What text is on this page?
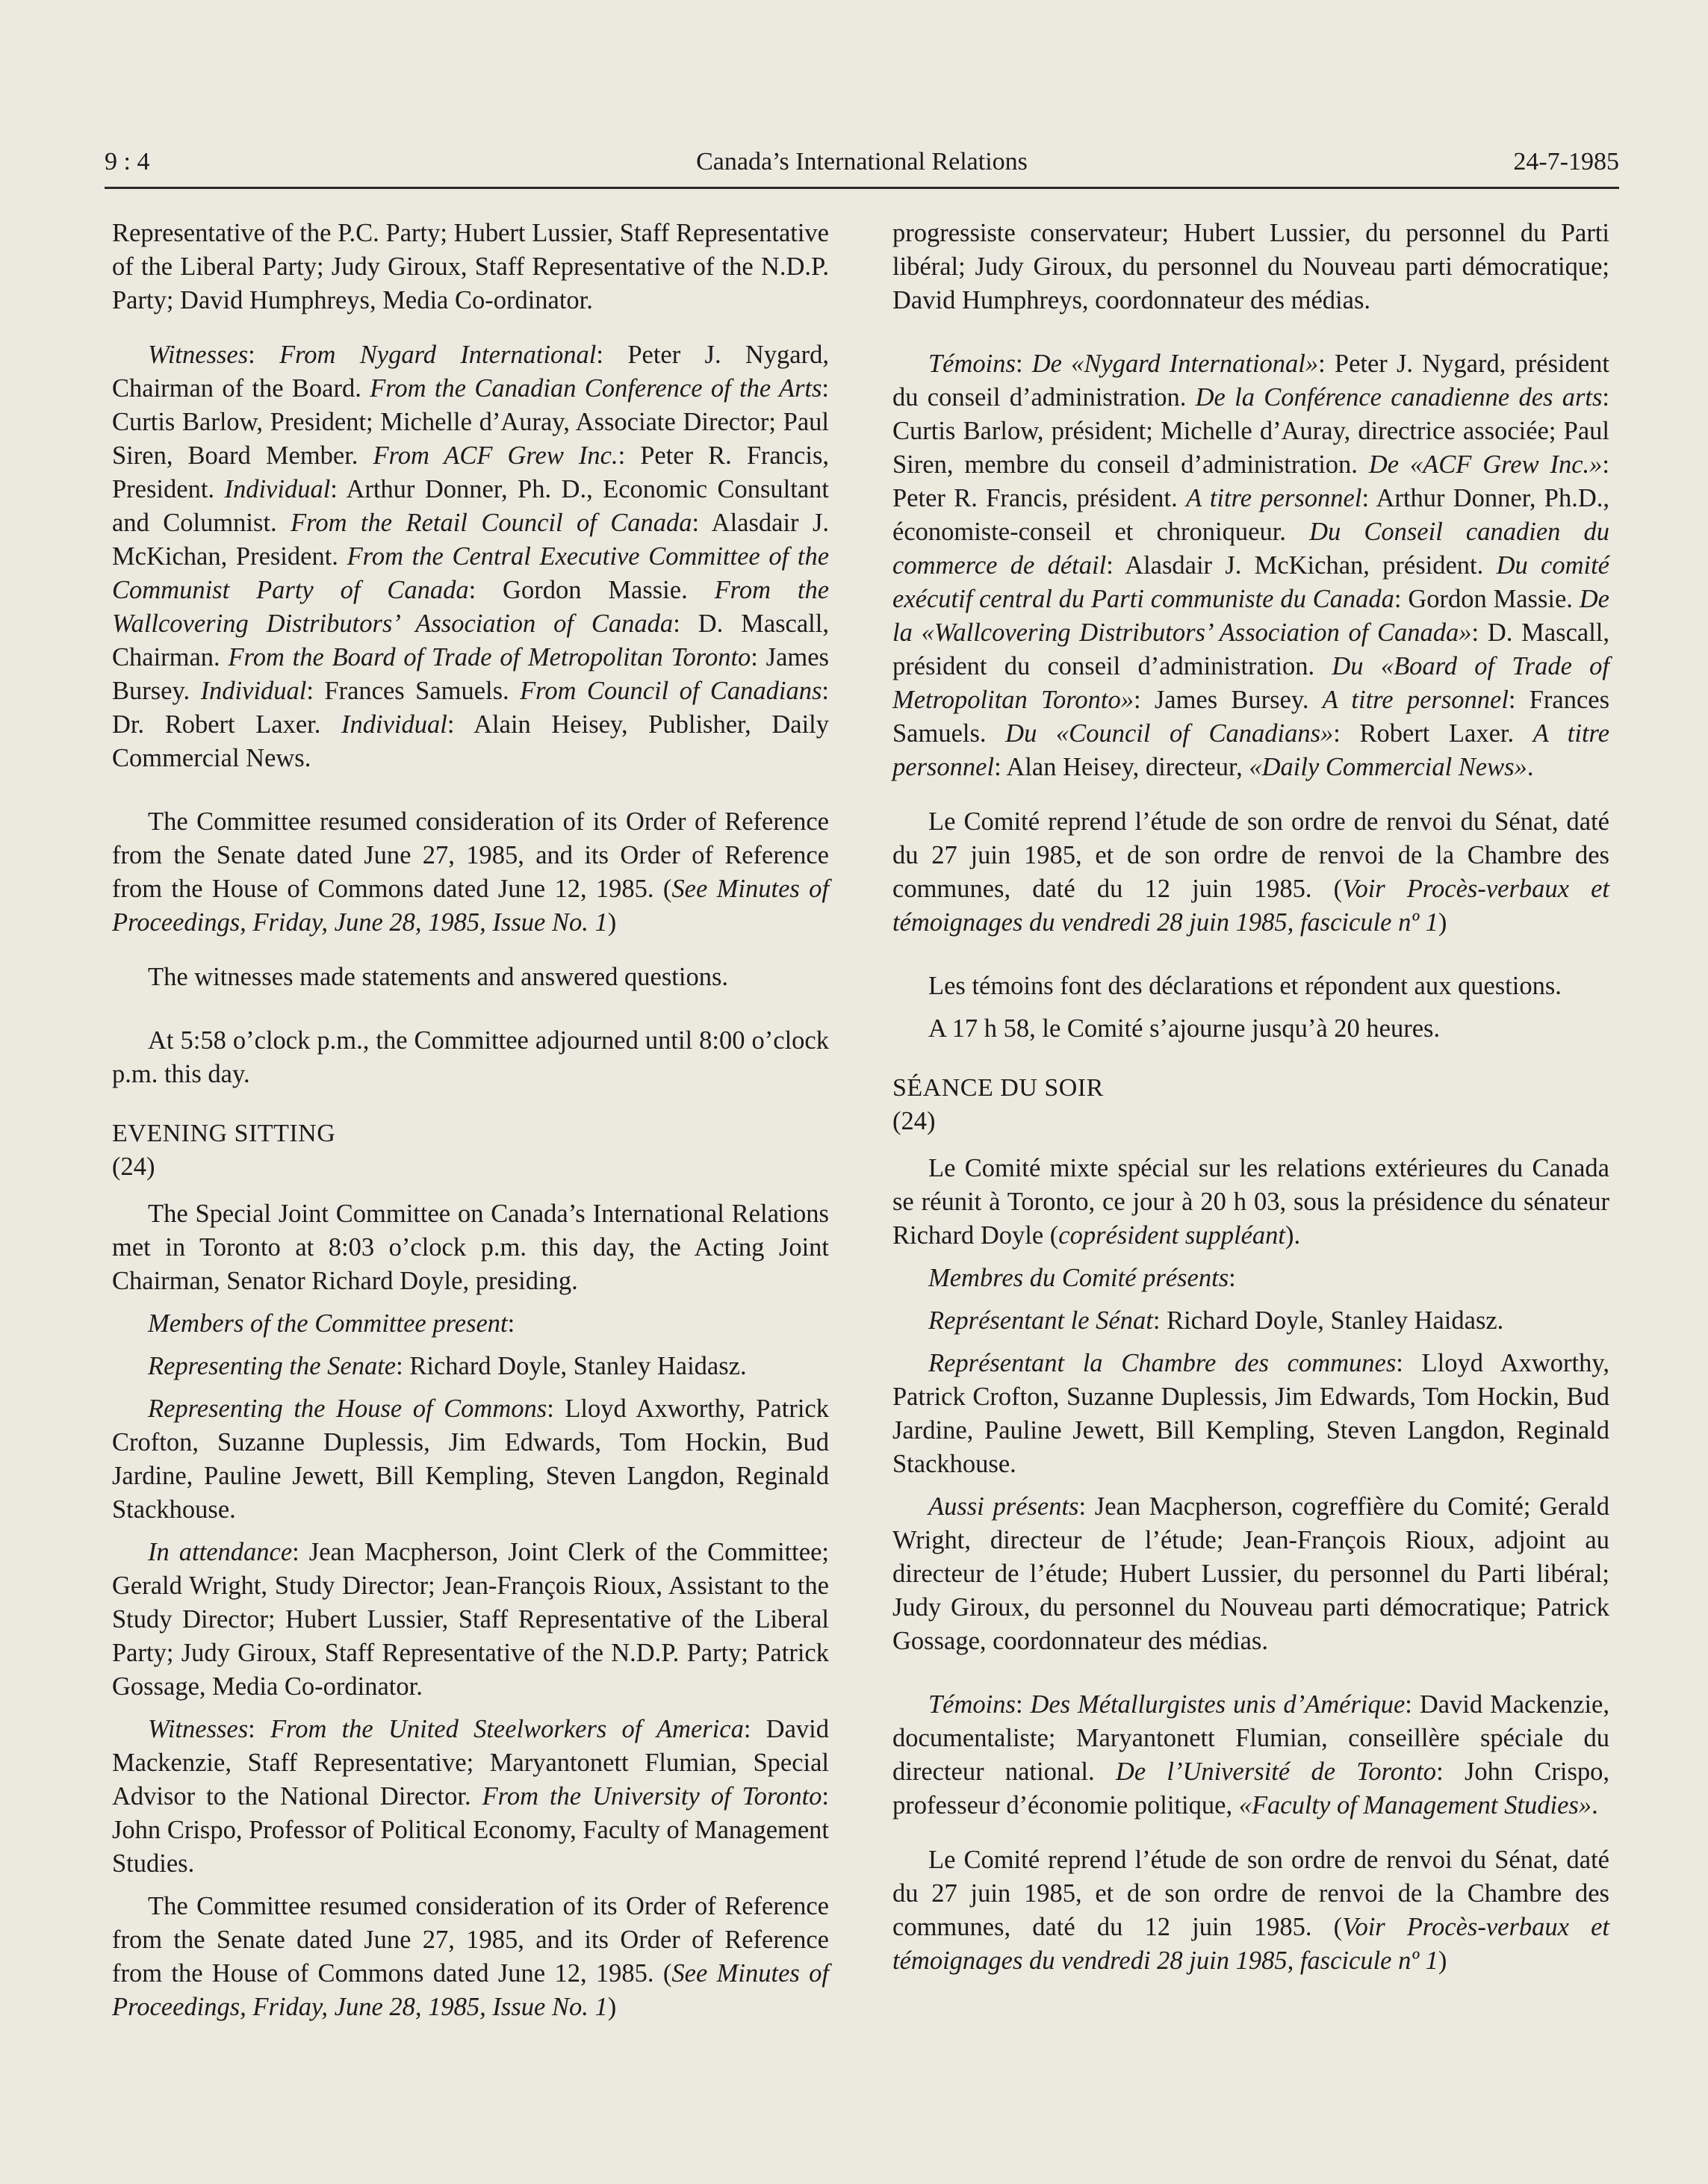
9 : 4	Canada’s International Relations	24-7-1985

Representative of the P.C. Party; Hubert Lussier, Staff Representative of the Liberal Party; Judy Giroux, Staff Representative of the N.D.P. Party; David Humphreys, Media Co-ordinator.

Witnesses: From Nygard International: Peter J. Nygard, Chairman of the Board. From the Canadian Conference of the Arts: Curtis Barlow, President; Michelle d’Auray, Associate Director; Paul Siren, Board Member. From ACF Grew Inc.: Peter R. Francis, President. Individual: Arthur Donner, Ph. D., Economic Consultant and Columnist. From the Retail Council of Canada: Alasdair J. McKichan, President. From the Central Executive Committee of the Communist Party of Canada: Gordon Massie. From the Wallcovering Distributors’ Association of Canada: D. Mascall, Chairman. From the Board of Trade of Metropolitan Toronto: James Bursey. Individual: Frances Samuels. From Council of Canadians: Dr. Robert Laxer. Individual: Alain Heisey, Publisher, Daily Commercial News.

The Committee resumed consideration of its Order of Reference from the Senate dated June 27, 1985, and its Order of Reference from the House of Commons dated June 12, 1985. (See Minutes of Proceedings, Friday, June 28, 1985, Issue No. 1)

The witnesses made statements and answered questions.

At 5:58 o’clock p.m., the Committee adjourned until 8:00 o’clock p.m. this day.

EVENING SITTING
(24)

The Special Joint Committee on Canada’s International Relations met in Toronto at 8:03 o’clock p.m. this day, the Acting Joint Chairman, Senator Richard Doyle, presiding.

Members of the Committee present:

Representing the Senate: Richard Doyle, Stanley Haidasz.

Representing the House of Commons: Lloyd Axworthy, Patrick Crofton, Suzanne Duplessis, Jim Edwards, Tom Hockin, Bud Jardine, Pauline Jewett, Bill Kempling, Steven Langdon, Reginald Stackhouse.

In attendance: Jean Macpherson, Joint Clerk of the Committee; Gerald Wright, Study Director; Jean-François Rioux, Assistant to the Study Director; Hubert Lussier, Staff Representative of the Liberal Party; Judy Giroux, Staff Representative of the N.D.P. Party; Patrick Gossage, Media Co-ordinator.

Witnesses: From the United Steelworkers of America: David Mackenzie, Staff Representative; Maryantonett Flumian, Special Advisor to the National Director. From the University of Toronto: John Crispo, Professor of Political Economy, Faculty of Management Studies.

The Committee resumed consideration of its Order of Reference from the Senate dated June 27, 1985, and its Order of Reference from the House of Commons dated June 12, 1985. (See Minutes of Proceedings, Friday, June 28, 1985, Issue No. 1)

progressiste conservateur; Hubert Lussier, du personnel du Parti libéral; Judy Giroux, du personnel du Nouveau parti démocratique; David Humphreys, coordonnateur des médias.

Témoins: De «Nygard International»: Peter J. Nygard, président du conseil d’administration. De la Conférence canadienne des arts: Curtis Barlow, président; Michelle d’Auray, directrice associée; Paul Siren, membre du conseil d’administration. De «ACF Grew Inc.»: Peter R. Francis, président. A titre personnel: Arthur Donner, Ph.D., économiste-conseil et chroniqueur. Du Conseil canadien du commerce de détail: Alasdair J. McKichan, président. Du comité exécutif central du Parti communiste du Canada: Gordon Massie. De la «Wallcovering Distributors’ Association of Canada»: D. Mascall, président du conseil d’administration. Du «Board of Trade of Metropolitan Toronto»: James Bursey. A titre personnel: Frances Samuels. Du «Council of Canadians»: Robert Laxer. A titre personnel: Alan Heisey, directeur, «Daily Commercial News».

Le Comité reprend l’étude de son ordre de renvoi du Sénat, daté du 27 juin 1985, et de son ordre de renvoi de la Chambre des communes, daté du 12 juin 1985. (Voir Procès-verbaux et témoignages du vendredi 28 juin 1985, fascicule nº 1)

Les témoins font des déclarations et répondent aux questions.

A 17 h 58, le Comité s’ajourne jusqu’à 20 heures.

SÉANCE DU SOIR
(24)

Le Comité mixte spécial sur les relations extérieures du Canada se réunit à Toronto, ce jour à 20 h 03, sous la présidence du sénateur Richard Doyle (coprésident suppléant).

Membres du Comité présents:

Représentant le Sénat: Richard Doyle, Stanley Haidasz.

Représentant la Chambre des communes: Lloyd Axworthy, Patrick Crofton, Suzanne Duplessis, Jim Edwards, Tom Hockin, Bud Jardine, Pauline Jewett, Bill Kempling, Steven Langdon, Reginald Stackhouse.

Aussi présents: Jean Macpherson, cogreffière du Comité; Gerald Wright, directeur de l’étude; Jean-François Rioux, adjoint au directeur de l’étude; Hubert Lussier, du personnel du Parti libéral; Judy Giroux, du personnel du Nouveau parti démocratique; Patrick Gossage, coordonnateur des médias.

Témoins: Des Métallurgistes unis d’Amérique: David Mackenzie, documentaliste; Maryantonett Flumian, conseillère spéciale du directeur national. De l’Université de Toronto: John Crispo, professeur d’économie politique, «Faculty of Management Studies».

Le Comité reprend l’étude de son ordre de renvoi du Sénat, daté du 27 juin 1985, et de son ordre de renvoi de la Chambre des communes, daté du 12 juin 1985. (Voir Procès-verbaux et témoignages du vendredi 28 juin 1985, fascicule nº 1)
